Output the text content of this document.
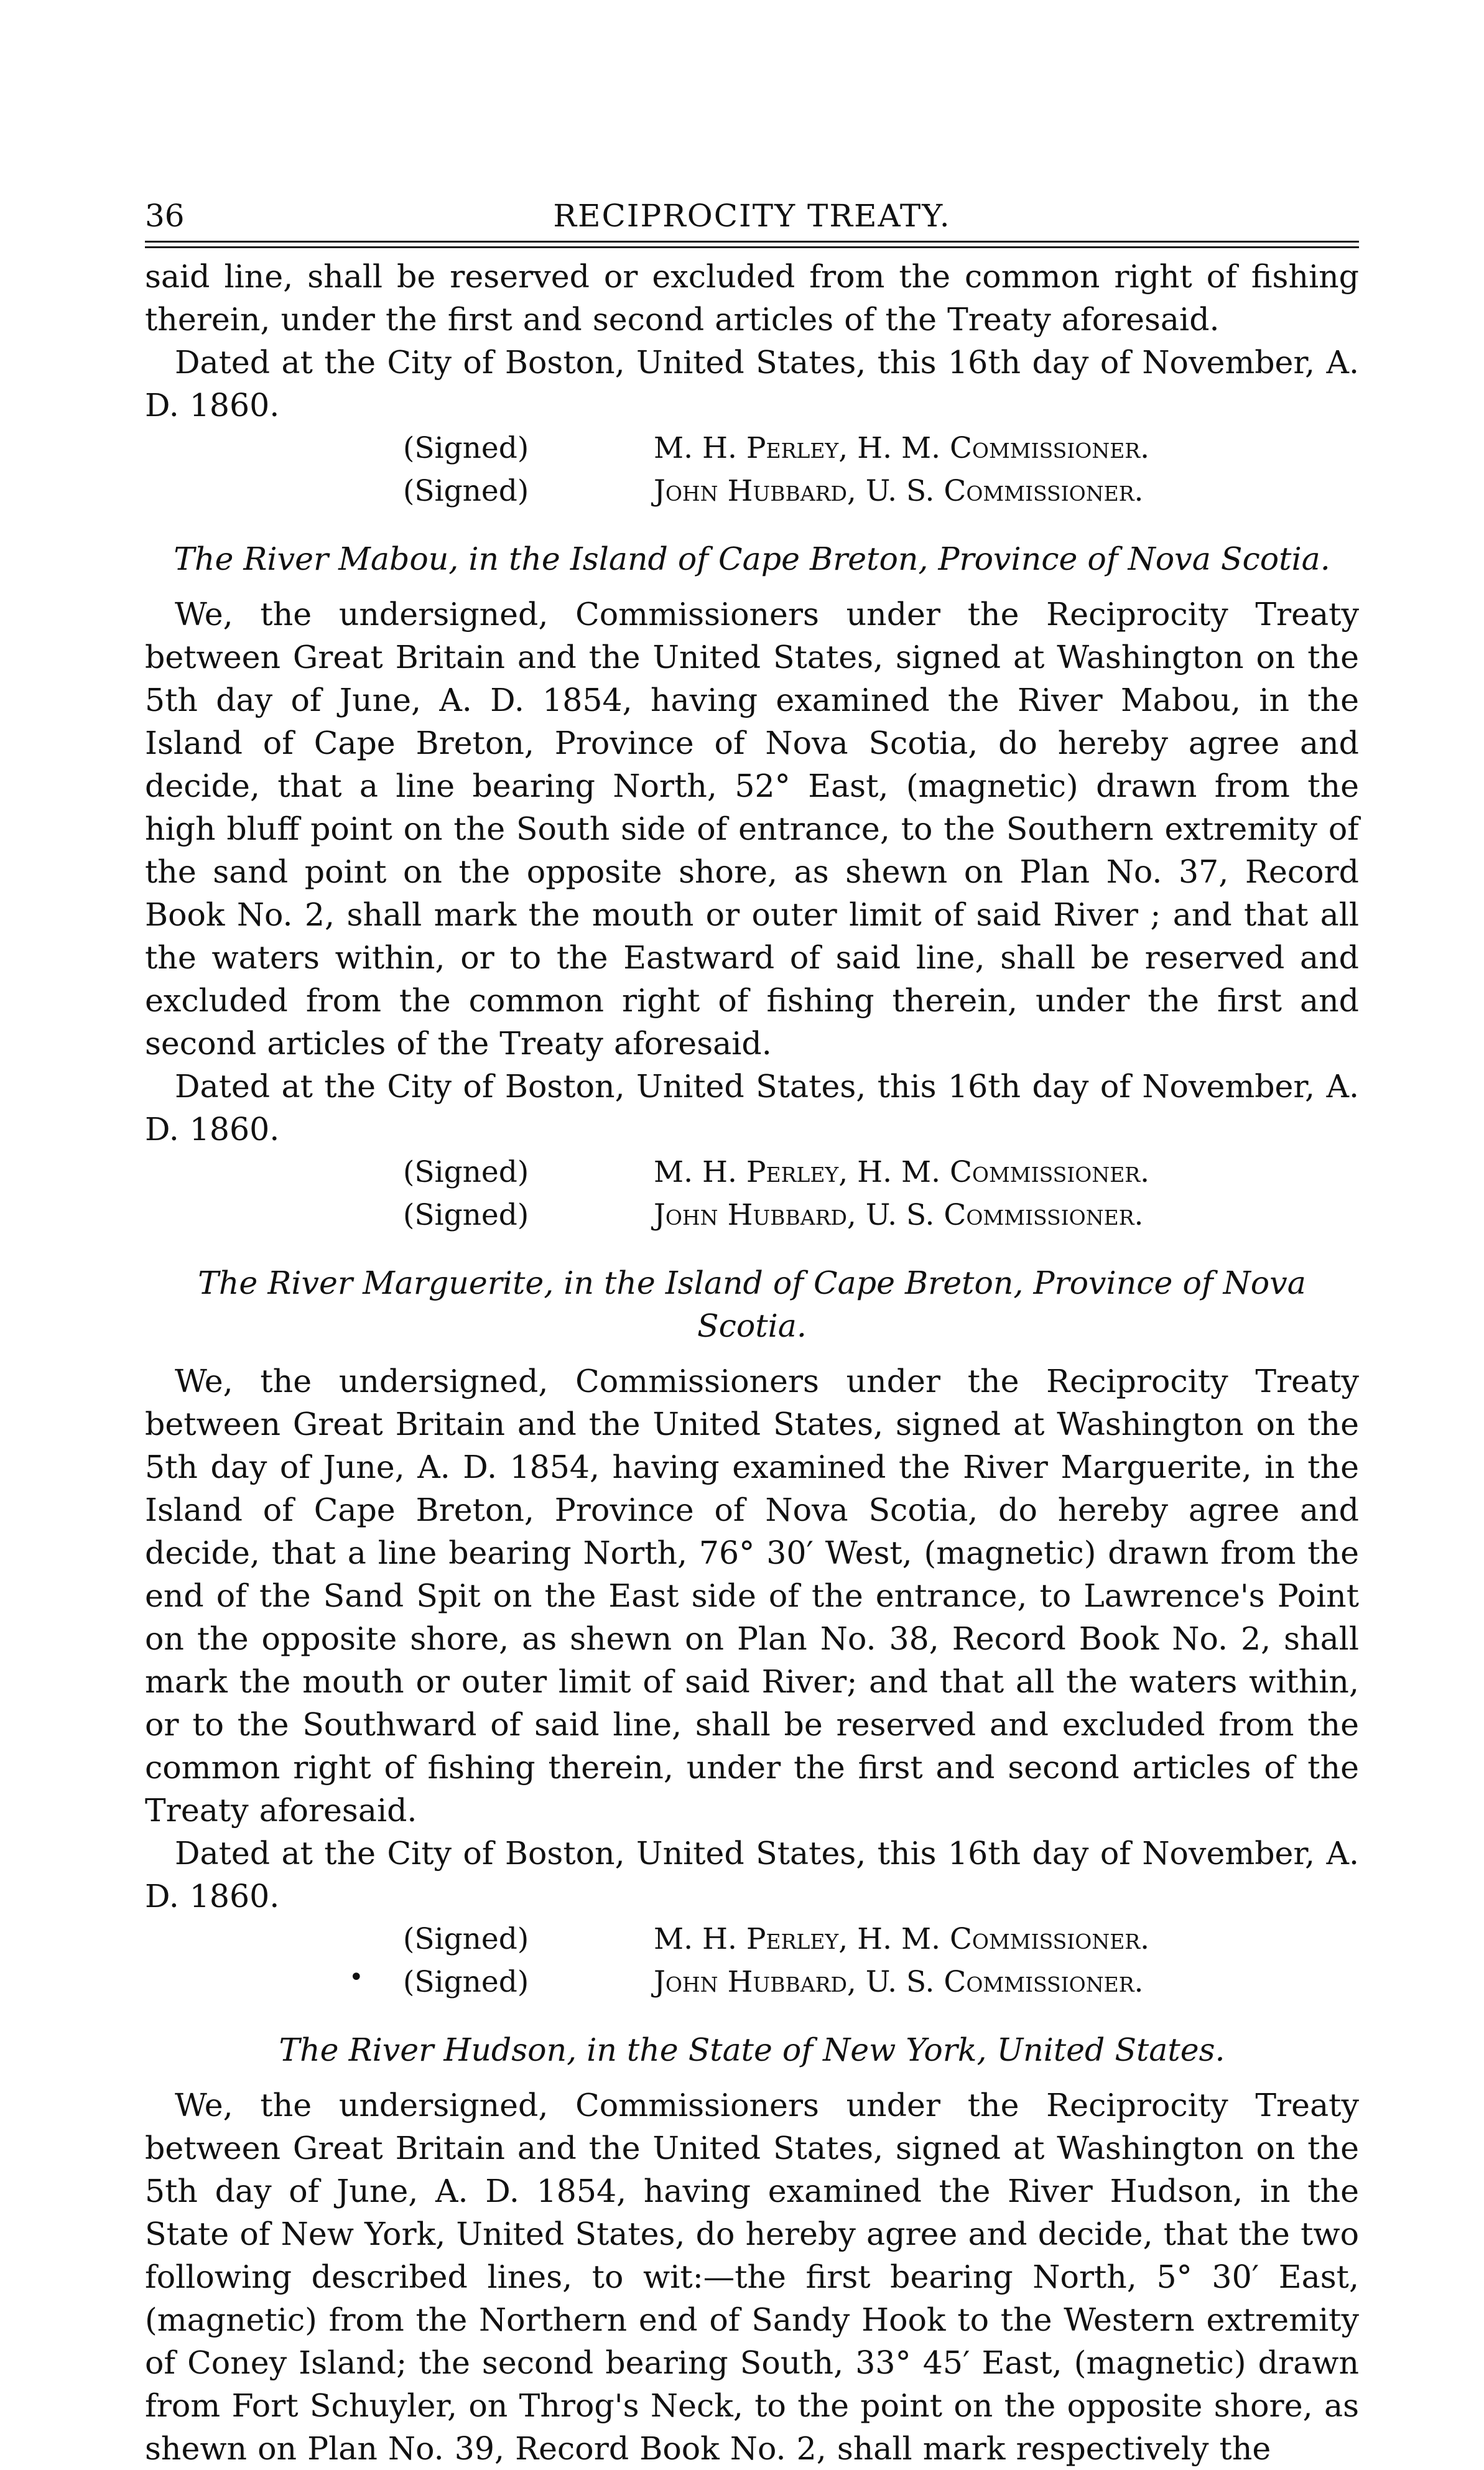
36	RECIPROCITY TREATY.

said line, shall be reserved or excluded from the common right of fishing therein, under the first and second articles of the Treaty aforesaid.

Dated at the City of Boston, United States, this 16th day of November, A. D. 1860.

(Signed)	M. H. Perley, H. M. Commissioner.
(Signed)	John Hubbard, U. S. Commissioner.
The River Mabou, in the Island of Cape Breton, Province of Nova Scotia.

We, the undersigned, Commissioners under the Reciprocity Treaty between Great Britain and the United States, signed at Washington on the 5th day of June, A. D. 1854, having examined the River Mabou, in the Island of Cape Breton, Province of Nova Scotia, do hereby agree and decide, that a line bearing North, 52° East, (magnetic) drawn from the high bluff point on the South side of entrance, to the Southern extremity of the sand point on the opposite shore, as shewn on Plan No. 37, Record Book No. 2, shall mark the mouth or outer limit of said River ; and that all the waters within, or to the Eastward of said line, shall be reserved and excluded from the common right of fishing therein, under the first and second articles of the Treaty aforesaid.

Dated at the City of Boston, United States, this 16th day of November, A. D. 1860.

(Signed)	M. H. Perley, H. M. Commissioner.
(Signed)	John Hubbard, U. S. Commissioner.
The River Marguerite, in the Island of Cape Breton, Province of Nova Scotia.

We, the undersigned, Commissioners under the Reciprocity Treaty between Great Britain and the United States, signed at Washington on the 5th day of June, A. D. 1854, having examined the River Marguerite, in the Island of Cape Breton, Province of Nova Scotia, do hereby agree and decide, that a line bearing North, 76° 30′ West, (magnetic) drawn from the end of the Sand Spit on the East side of the entrance, to Lawrence's Point on the opposite shore, as shewn on Plan No. 38, Record Book No. 2, shall mark the mouth or outer limit of said River; and that all the waters within, or to the Southward of said line, shall be reserved and excluded from the common right of fishing therein, under the first and second articles of the Treaty aforesaid.

Dated at the City of Boston, United States, this 16th day of November, A. D. 1860.

•
(Signed)	M. H. Perley, H. M. Commissioner.
(Signed)	John Hubbard, U. S. Commissioner.
The River Hudson, in the State of New York, United States.

We, the undersigned, Commissioners under the Reciprocity Treaty between Great Britain and the United States, signed at Washington on the 5th day of June, A. D. 1854, having examined the River Hudson, in the State of New York, United States, do hereby agree and decide, that the two following described lines, to wit:—the first bearing North, 5° 30′ East, (magnetic) from the Northern end of Sandy Hook to the Western extremity of Coney Island; the second bearing South, 33° 45′ East, (magnetic) drawn from Fort Schuyler, on Throg's Neck, to the point on the opposite shore, as shewn on Plan No. 39, Record Book No. 2, shall mark respectively the
